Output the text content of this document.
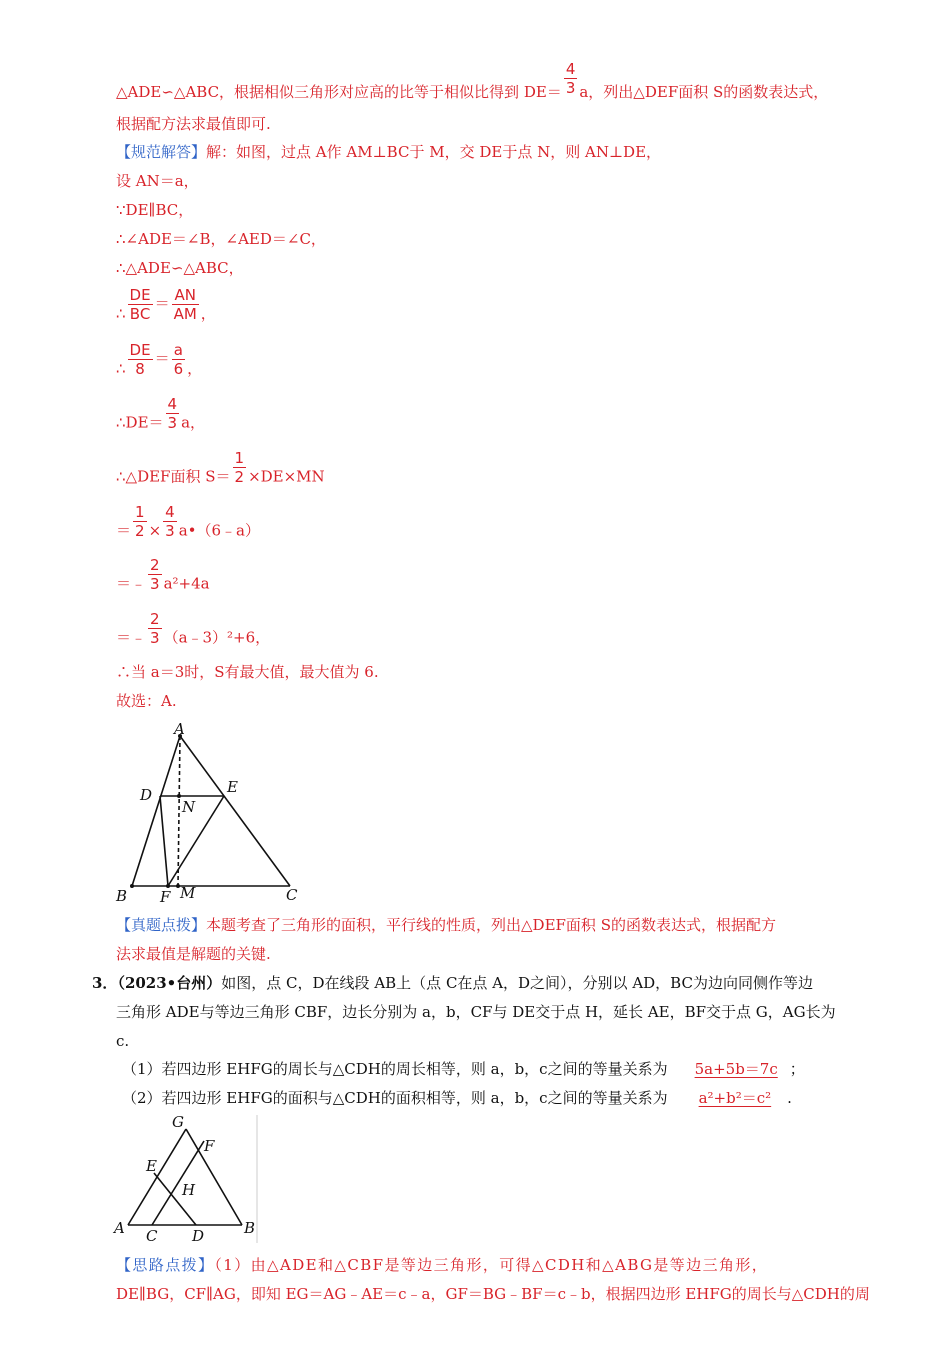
△ADE∽△ABC，根据相似三角形对应高的比等于相似比得到 $DE= \frac{4}{3}$ a，列出△DEF面积 S的函数表达式，
根据配方法求最值即可.
【规范解答】解：如图，过点 A作 AM⊥BC于 M，交 DE于点 N，则 AN⊥DE，
设 AN＝a，
∵DE∥BC，
∴∠ADE＝∠B，∠AED＝∠C，
∴△ADE∽△ABC，
∴ $\frac{DE}{BC} = \frac{AN}{AM}$ ，
∴ $\frac{DE}{8} = \frac{a}{6}$ ，
∴DE＝ $\frac{4}{3}$ a，
∴△DEF面积 $S= \frac{1}{2} \times DE\times MN$
＝ $\frac{1}{2} \times \frac{4}{3}$ a•（6﹣a）
＝﹣ $\frac{2}{3} a^2+4a$
＝﹣ $\frac{2}{3}$ （a﹣3）²+6，
∴当 a＝3时，S有最大值，最大值为 6.
故选：A.
A
D	E
N
B F M	C
【真题点拨】本题考查了三角形的面积，平行线的性质，列出△DEF面积 S的函数表达式，根据配方
法求最值是解题的关键.
3．（2023•台州）如图，点 C，D在线段 AB上（点 C在点 A，D之间），分别以 AD，BC为边向同侧作等边
三角形 ADE与等边三角形 CBF，边长分别为 a，b，CF与 DE交于点 H，延长 AE，BF交于点 G，AG长为
c.
（1）若四边形 EHFG的周长与△CDH的周长相等，则 a，b，c之间的等量关系为　 5a+5b＝7c ；
（2）若四边形 EHFG的面积与△CDH的面积相等，则 a，b，c之间的等量关系为　 a²+b²＝c² .
G
F
E
H
A C D	B
【思路点拨】（1）由△ADE和△CBF是等边三角形，可得△CDH和△ABG是等边三角形，
DE∥BG，CF∥AG，即知 EG＝AG﹣AE＝c﹣a，GF＝BG﹣BF＝c﹣b，根据四边形 EHFG的周长与△CDH的周
